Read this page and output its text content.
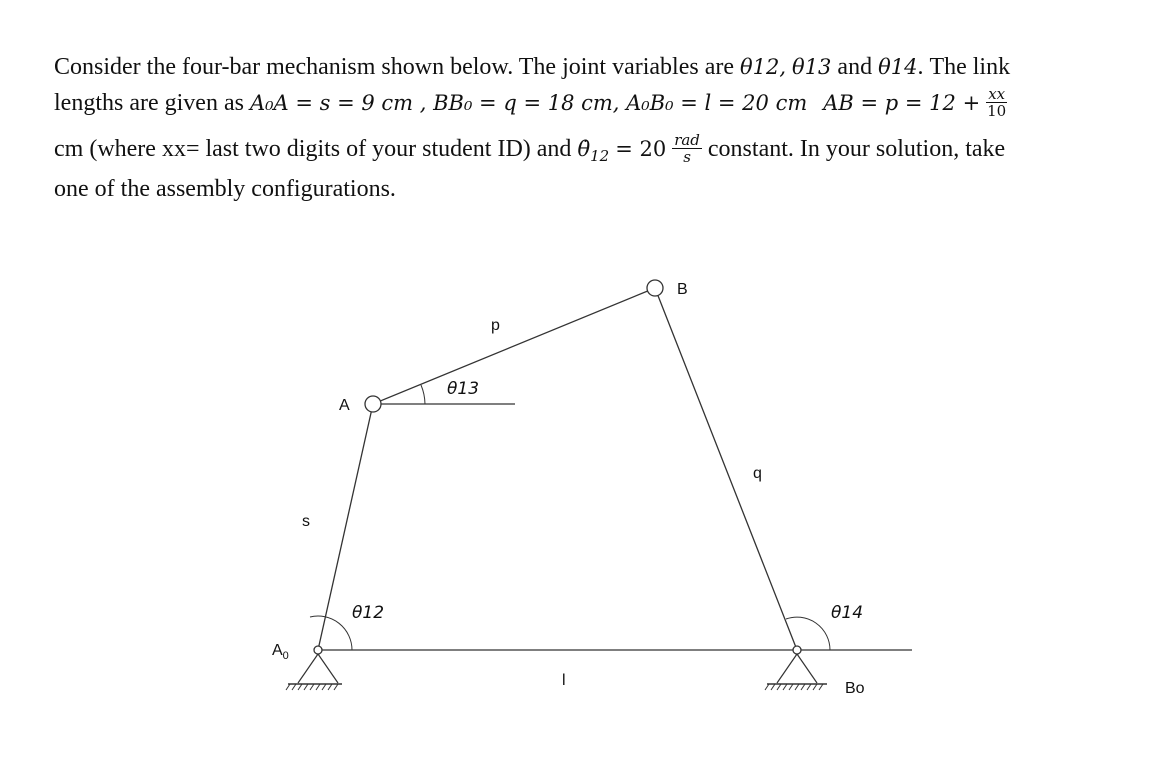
Consider the four-bar mechanism shown below. The joint variables are θ12, θ13 and θ14. The link
lengths are given as A₀A = s = 9 cm , BB₀ = q = 18 cm, A₀B₀ = l = 20 cm AB = $p = 12 + \frac{xx}{10}$
cm (where xx= last two digits of your student ID) and $\thetȧ_{12} = 20 \frac{\text{rad}}{s}$ constant. In your solution, take
one of the assembly configurations.
$A_0$
A
B
Bo
s
p
q
l
θ12
θ13
θ14
